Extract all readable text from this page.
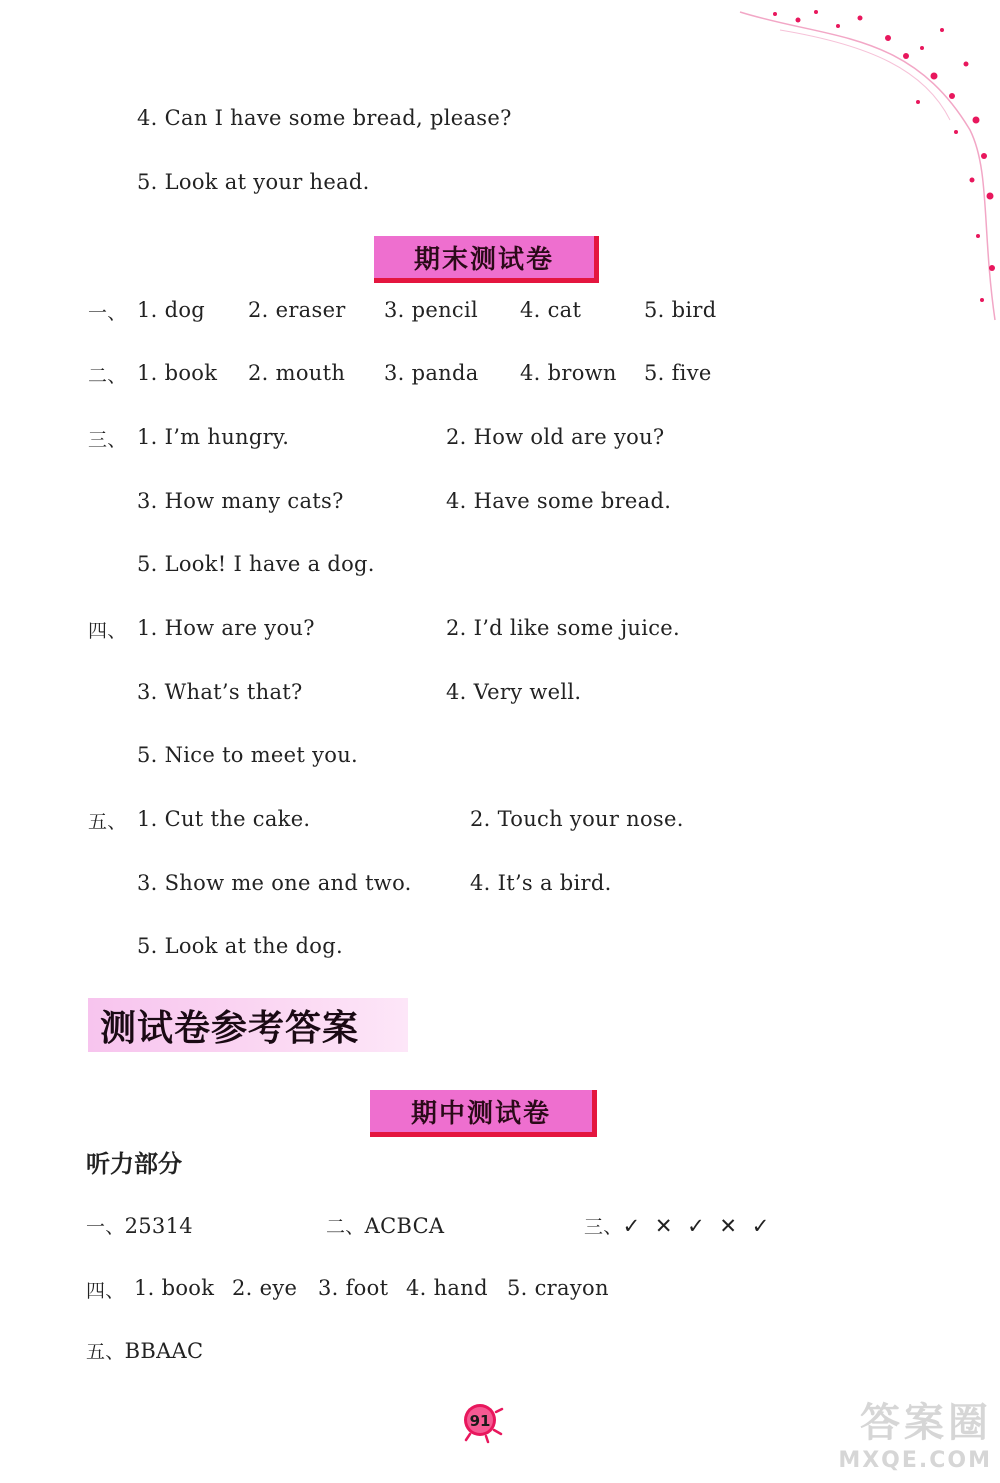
4. Can I have some bread, please?
5. Look at your head.
期末测试卷
一、 1. dog 2. eraser 3. pencil 4. cat	5. bird
二、 1. book 2. mouth 3. panda 4. brown 5. five
三、 1. I’m hungry.	2. How old are you?
3. How many cats?	4. Have some bread.
5. Look! I have a dog.
四、 1. How are you?	2. I’d like some juice.
3. What’s that?	4. Very well.
5. Nice to meet you.
五、 1. Cut the cake.	2. Touch your nose.
3. Show me one and two.	4. It’s a bird.
5. Look at the dog.
测试卷参考答案
期中测试卷
听力部分
一、25314	二、ACBCA	三、✓ ✕ ✓ ✕ ✓
四、 1. book 2. eye 3. foot 4. hand 5. crayon
五、BBAAC
91	答案圈
MXQE.COM
